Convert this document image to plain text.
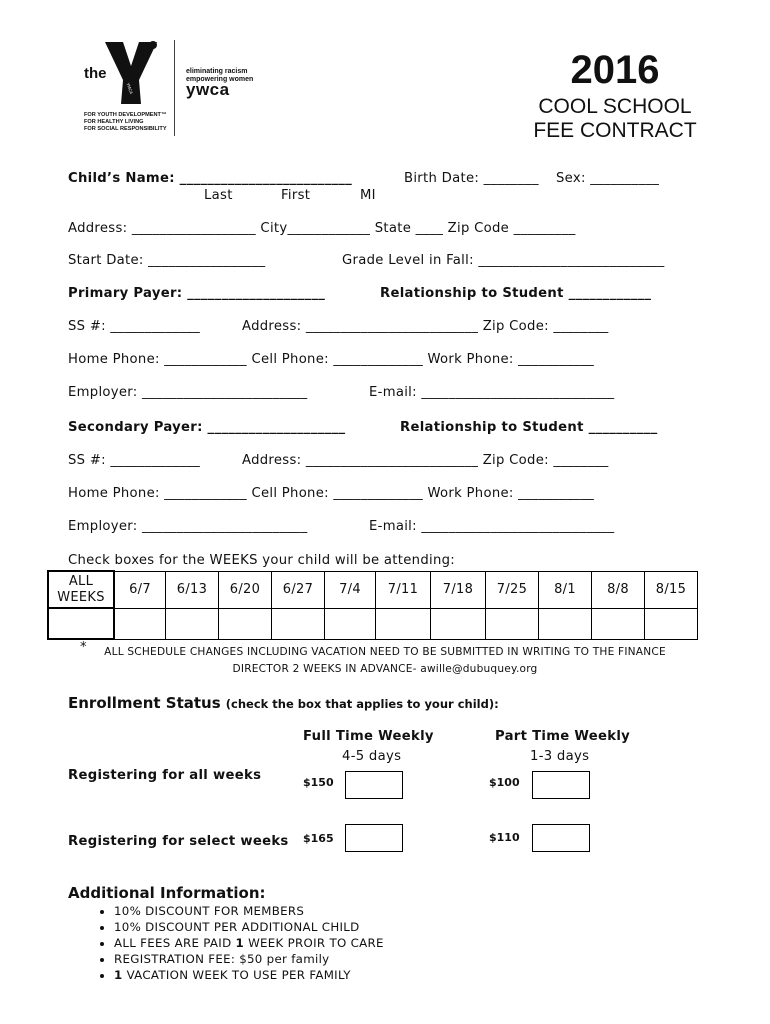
the
YMCA
FOR YOUTH DEVELOPMENT™
FOR HEALTHY LIVING
FOR SOCIAL RESPONSIBILITY
eliminating racism
empowering women
ywca	2016
COOL SCHOOL
FEE CONTRACT
Child’s Name: _________________________	Birth Date: ________ Sex: __________
Last	First	MI
Address: __________________ City____________ State ____ Zip Code _________
Start Date: _________________	Grade Level in Fall: ___________________________
Primary Payer: ____________________	Relationship to Student ____________
SS #: _____________	Address: _________________________ Zip Code: ________
Home Phone: ____________ Cell Phone: _____________ Work Phone: ___________
Employer: ________________________	E-mail: ____________________________
Secondary Payer: ____________________	Relationship to Student __________
SS #: _____________	Address: _________________________ Zip Code: ________
Home Phone: ____________ Cell Phone: _____________ Work Phone: ___________
Employer: ________________________	E-mail: ____________________________
Check boxes for the WEEKS your child will be attending:
ALL
WEEKS	6/7	6/13	6/20	6/27	7/4	7/11	7/18	7/25	8/1	8/8	8/15

*	ALL SCHEDULE CHANGES INCLUDING VACATION NEED TO BE SUBMITTED IN WRITING TO THE FINANCE
DIRECTOR 2 WEEKS IN ADVANCE- awille@dubuquey.org
Enrollment Status (check the box that applies to your child):
Full Time Weekly
4-5 days
Part Time Weekly
1-3 days
Registering for all weeks	$150	$100
Registering for select weeks $165	$110
Additional Information:
• 10% DISCOUNT FOR MEMBERS
• 10% DISCOUNT PER ADDITIONAL CHILD
• ALL FEES ARE PAID 1 WEEK PROIR TO CARE
• REGISTRATION FEE: $50 per family
• 1 VACATION WEEK TO USE PER FAMILY
